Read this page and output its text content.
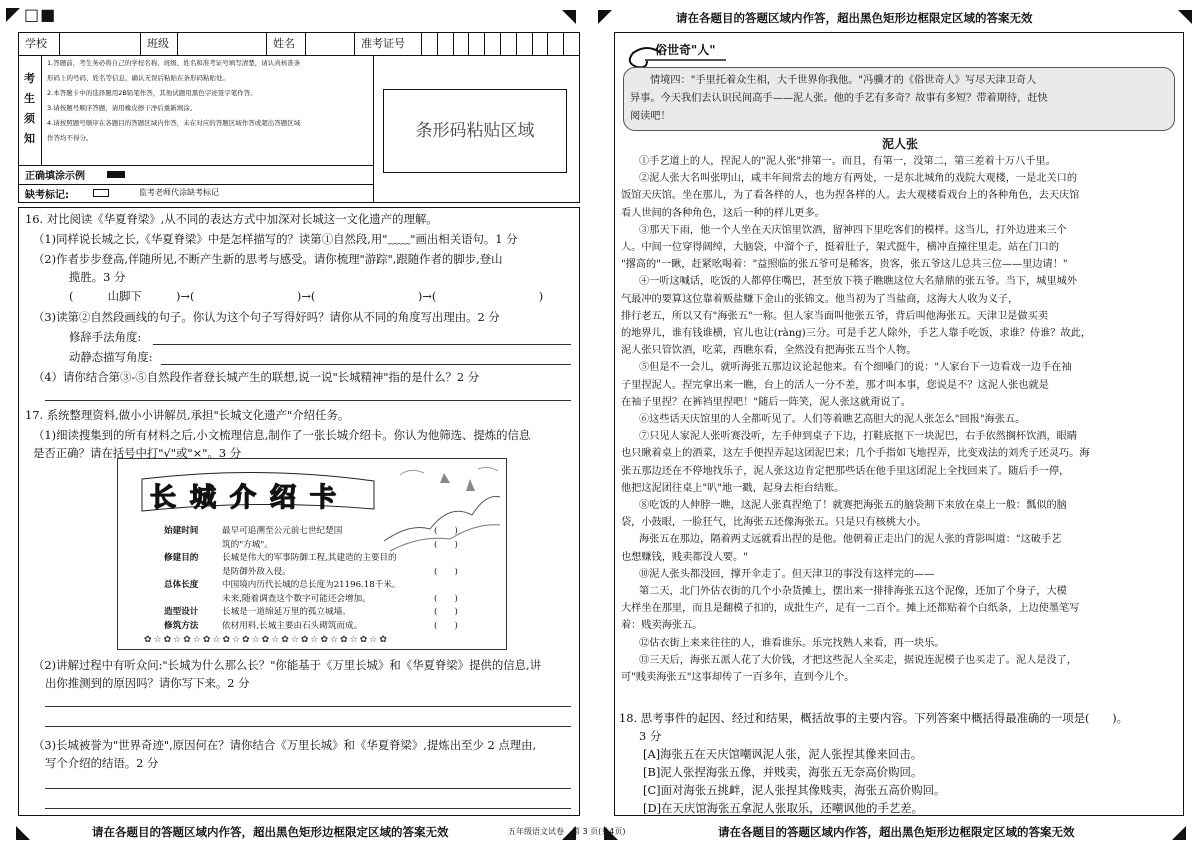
□■	请在各题目的答题区域内作答，超出黑色矩形边框限定区域的答案无效
请在各题目的答题区域内作答，超出黑色矩形边框限定区域的答案无效	五年级语文试卷　第 3 页(共4页)	请在各题目的答题区域内作答，超出黑色矩形边框限定区域的答案无效
学校	班级	姓名	准考证号
考生须知
1.答题前，考生务必将自己的学校名称、班级、姓名和准考证号填写清楚，请认真核准条
形码上的号码、姓名等信息，确认无误后粘贴在条形码粘贴处。
2.本答题卡中的选择题用2B铅笔作答，其他试题用黑色字迹签字笔作答。
3.请按题号顺序答题，请用橡皮擦干净后重新填涂。
4.请按照题号顺序在各题目的答题区域内作答，未在对应的答题区域作答或超出答题区域
作答均不得分。	条形码粘贴区域
正确填涂示例
缺考标记:	监考老师代涂缺考标记
16. 对比阅读《华夏脊梁》,从不同的表达方式中加深对长城这一文化遗产的理解。
（1)同样说长城之长,《华夏脊梁》中是怎样描写的？读第①自然段,用"﹏﹏"画出相关语句。1 分
（2)作者步步登高,伴随所见,不断产生新的思考与感受。请你梳理"游踪",跟随作者的脚步,登山
揽胜。3 分
(　　　山脚下　　　)→(　　　　　　　　　)→(　　　　　　　　　)→(　　　　　　　　　)
（3)读第②自然段画线的句子。你认为这个句子写得好吗？请你从不同的角度写出理由。2 分
修辞手法角度:
动静态描写角度:
（4）请你结合第③-⑤自然段作者登长城产生的联想,说一说"长城精神"指的是什么？2 分
17. 系统整理资料,做小小讲解员,承担"长城文化遗产"介绍任务。
（1)细读搜集到的所有材料之后,小文梳理信息,制作了一张长城介绍卡。你认为他筛选、提炼的信息
是否正确？请在括号中打"√"或"×"。3 分
长城介绍卡
始建时间	最早可追溯至公元前七世纪楚国	(　　)
筑的"方城"。	(　　)
修建目的	长城是伟大的军事防御工程,其建造的主要目的
是防御外敌入侵。	(　　)
总体长度	中国境内历代长城的总长度为21196.18千米。
未来,随着调查这个数字可能还会增加。	(　　)
造型设计	长城是一道绵延万里的孤立城墙。	(　　)
修筑方法	依材用料,长城主要由石头砌筑而成。	(　　)
✿☆✿☆✿☆✿☆✿☆✿☆✿☆✿☆✿☆✿☆✿☆✿☆✿
（2)讲解过程中有听众问:"长城为什么那么长？"你能基于《万里长城》和《华夏脊梁》提供的信息,讲
出你推测到的原因吗？请你写下来。2 分
（3)长城被誉为"世界奇迹",原因何在？请你结合《万里长城》和《华夏脊梁》,提炼出至少 2 点理由,
写个介绍的结语。2 分
俗世奇"人"
情境四："手里托着众生相，大千世界你我他。"冯骥才的《俗世奇人》写尽天津卫奇人
异事。今天我们去认识民间高手——泥人张。他的手艺有多奇？故事有多短？带着期待，赶快
阅读吧！
泥人张
①手艺道上的人，捏泥人的"泥人张"排第一。而且，有第一，没第二，第三差着十万八千里。
②泥人张大名叫张明山，咸丰年间常去的地方有两处，一是东北城角的戏院大观楼，一是北关口的
饭馆天庆馆。坐在那儿，为了看各样的人，也为捏各样的人。去大观楼看戏台上的各种角色，去天庆馆
看人世间的各种角色，这后一种的样儿更多。
③那天下雨，他一个人坐在天庆馆里饮酒，留神四下里吃客们的模样。这当儿，打外边进来三个
人。中间一位穿得阔绰，大脑袋，中溜个子，挺着肚子，架式挺牛，横冲直撞往里走。站在门口的
"撂高的"一瞅，赶紧吆喝着："益照临的张五爷可是稀客，贵客，张五爷这儿总共三位——里边请！"
④一听这喊话，吃饭的人都停住嘴巴，甚至放下筷子瞧瞧这位大名鼎鼎的张五爷。当下，城里城外
气最冲的要算这位靠着贩盐赚下金山的张锦文。他当初为了当盐商，这海大人收为义子，
排行老五，所以又有"海张五"一称。但人家当面叫他张五爷，背后叫他海张五。天津卫是做买卖
的地界儿，谁有钱谁横，官儿也让(ràng)三分。可是手艺人除外，手艺人靠手吃饭，求谁？侍谁？故此，
泥人张只管饮酒，吃菜，西瞧东看，全然没有把海张五当个人物。
⑤但是不一会儿，就听海张五那边议论起他来。有个细嗓门的说："人家台下一边看戏一边手在袖
子里捏泥人。捏完拿出来一瞧，台上的活人一分不差，那才叫本事，您说是不？这泥人张也就是
在袖子里捏？在裤裆里捏吧！"随后一阵笑，泥人张这就甭说了。
⑥这些话天庆馆里的人全都听见了。人们等着瞧艺高胆大的泥人张怎么"回报"海张五。
⑦只见人家泥人张听赛没听，左手伸到桌子下边，打鞋底抠下一块泥巴，右手依然搁杯饮酒，眼睛
也只瞅着桌上的酒菜，这左手便捏弄起这团泥巴来；几个手指如飞地捏弄，比变戏法的刘秃子还灵巧。海
张五那边还在不停地找乐子，泥人张这边肯定把那些话在他手里这团泥上全找回来了。随后手一停，
他把这泥团往桌上"叭"地一戳，起身去柜台结账。
⑧吃饭的人伸脖一瞧，这泥人张真捏绝了！就赛把海张五的脑袋割下来放在桌上一般：瓢似的脑
袋，小鼓眼，一脸狂气，比海张五还像海张五。只是只有核桃大小。
海张五在那边，隔着两丈远就看出捏的是他。他朝着正走出门的泥人张的背影叫道："这破手艺
也想赚钱，贱卖都没人要。"
⑩泥人张头都没回，撑开伞走了。但天津卫的事没有这样完的——
第二天，北门外估衣街的几个小杂货摊上，摆出来一排排海张五这个泥像，还加了个身子，大模
大样坐在那里，而且是翻模子扣的，成批生产，足有一二百个。摊上还都贴着个白纸条，上边使墨笔写
着：贱卖海张五。
⑫估衣街上来来往往的人，谁看谁乐。乐完找熟人来看，再一块乐。
⑬三天后，海张五派人花了大价钱，才把这些泥人全买走，据说连泥模子也买走了。泥人是没了，
可"贱卖海张五"这事却传了一百多年，直到今儿个。
18. 思考事件的起因、经过和结果，概括故事的主要内容。下列答案中概括得最准确的一项是(　　)。
3 分
[A]海张五在天庆馆嘲讽泥人张，泥人张捏其像来回击。
[B]泥人张捏海张五像，并贱卖，海张五无奈高价购回。
[C]面对海张五挑衅，泥人张捏其像贱卖，海张五高价购回。
[D]在天庆馆海张五拿泥人张取乐，还嘲讽他的手艺差。
